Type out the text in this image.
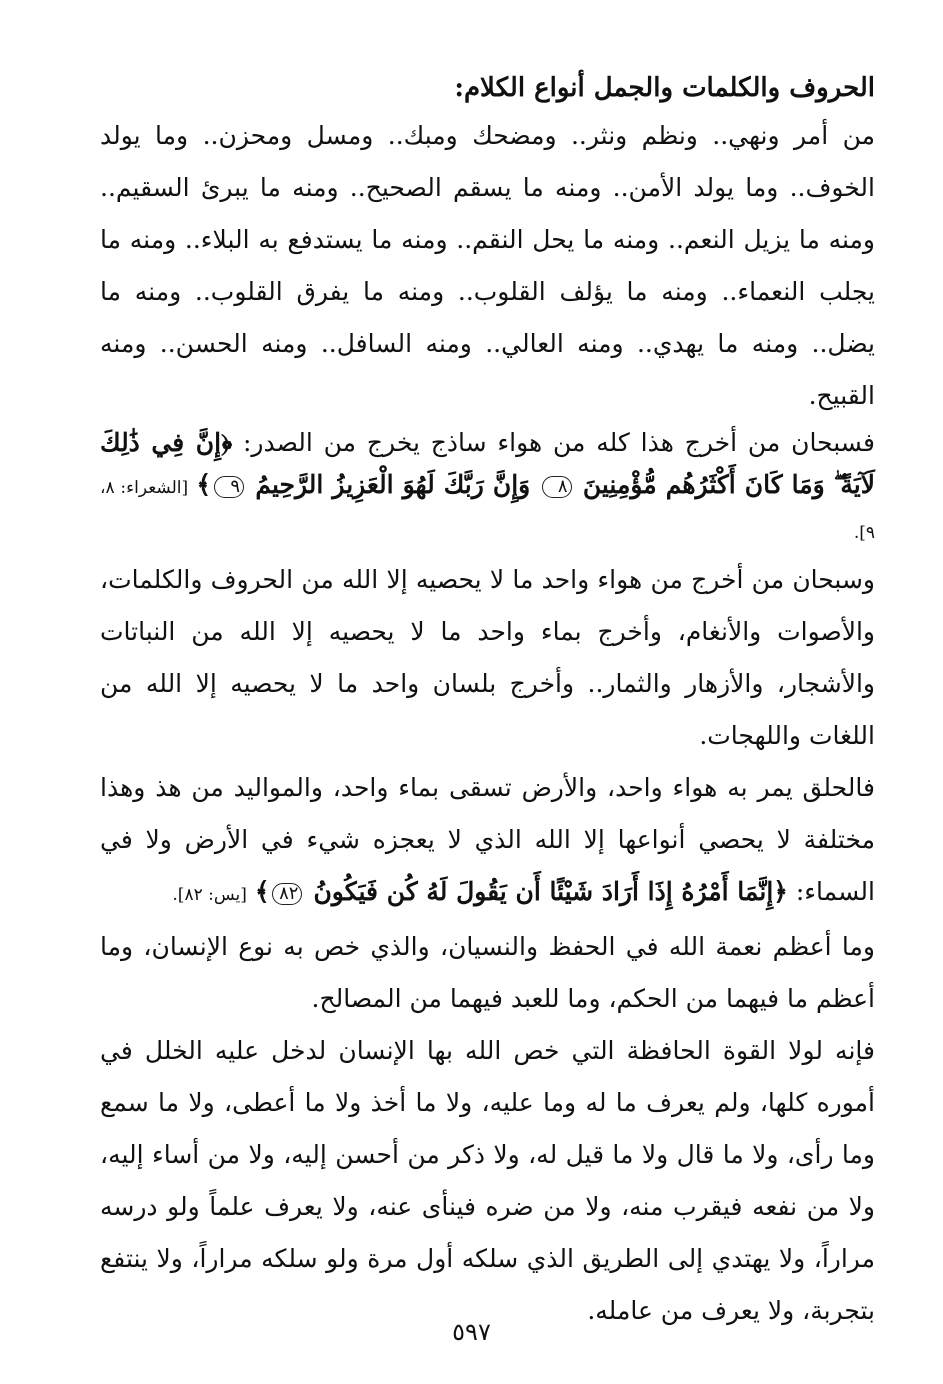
الحروف والكلمات والجمل أنواع الكلام:

من أمر ونهي.. ونظم ونثر.. ومضحك ومبك.. ومسل ومحزن.. وما يولد الخوف.. وما يولد الأمن.. ومنه ما يسقم الصحيح.. ومنه ما يبرئ السقيم.. ومنه ما يزيل النعم.. ومنه ما يحل النقم.. ومنه ما يستدفع به البلاء.. ومنه ما يجلب النعماء.. ومنه ما يؤلف القلوب.. ومنه ما يفرق القلوب.. ومنه ما يضل.. ومنه ما يهدي.. ومنه العالي.. ومنه السافل.. ومنه الحسن.. ومنه القبيح.

فسبحان من أخرج هذا كله من هواء ساذج يخرج من الصدر: ﴿إِنَّ فِي ذَٰلِكَ لَآيَةً ۖ وَمَا كَانَ أَكْثَرُهُم مُّؤْمِنِينَ ٨ وَإِنَّ رَبَّكَ لَهُوَ الْعَزِيزُ الرَّحِيمُ ٩﴾ [الشعراء: ٨، ٩].

وسبحان من أخرج من هواء واحد ما لا يحصيه إلا الله من الحروف والكلمات، والأصوات والأنغام، وأخرج بماء واحد ما لا يحصيه إلا الله من النباتات والأشجار، والأزهار والثمار.. وأخرج بلسان واحد ما لا يحصيه إلا الله من اللغات واللهجات.

فالحلق يمر به هواء واحد، والأرض تسقى بماء واحد، والمواليد من هذ وهذا مختلفة لا يحصي أنواعها إلا الله الذي لا يعجزه شيء في الأرض ولا في السماء: ﴿إِنَّمَا أَمْرُهُ إِذَا أَرَادَ شَيْئًا أَن يَقُولَ لَهُ كُن فَيَكُونُ ٨٢﴾ [يس: ٨٢].

وما أعظم نعمة الله في الحفظ والنسيان، والذي خص به نوع الإنسان، وما أعظم ما فيهما من الحكم، وما للعبد فيهما من المصالح.

فإنه لولا القوة الحافظة التي خص الله بها الإنسان لدخل عليه الخلل في أموره كلها، ولم يعرف ما له وما عليه، ولا ما أخذ ولا ما أعطى، ولا ما سمع وما رأى، ولا ما قال ولا ما قيل له، ولا ذكر من أحسن إليه، ولا من أساء إليه، ولا من نفعه فيقرب منه، ولا من ضره فينأى عنه، ولا يعرف علماً ولو درسه مراراً، ولا يهتدي إلى الطريق الذي سلكه أول مرة ولو سلكه مراراً، ولا ينتفع بتجربة، ولا يعرف من عامله.

٥٩٧
